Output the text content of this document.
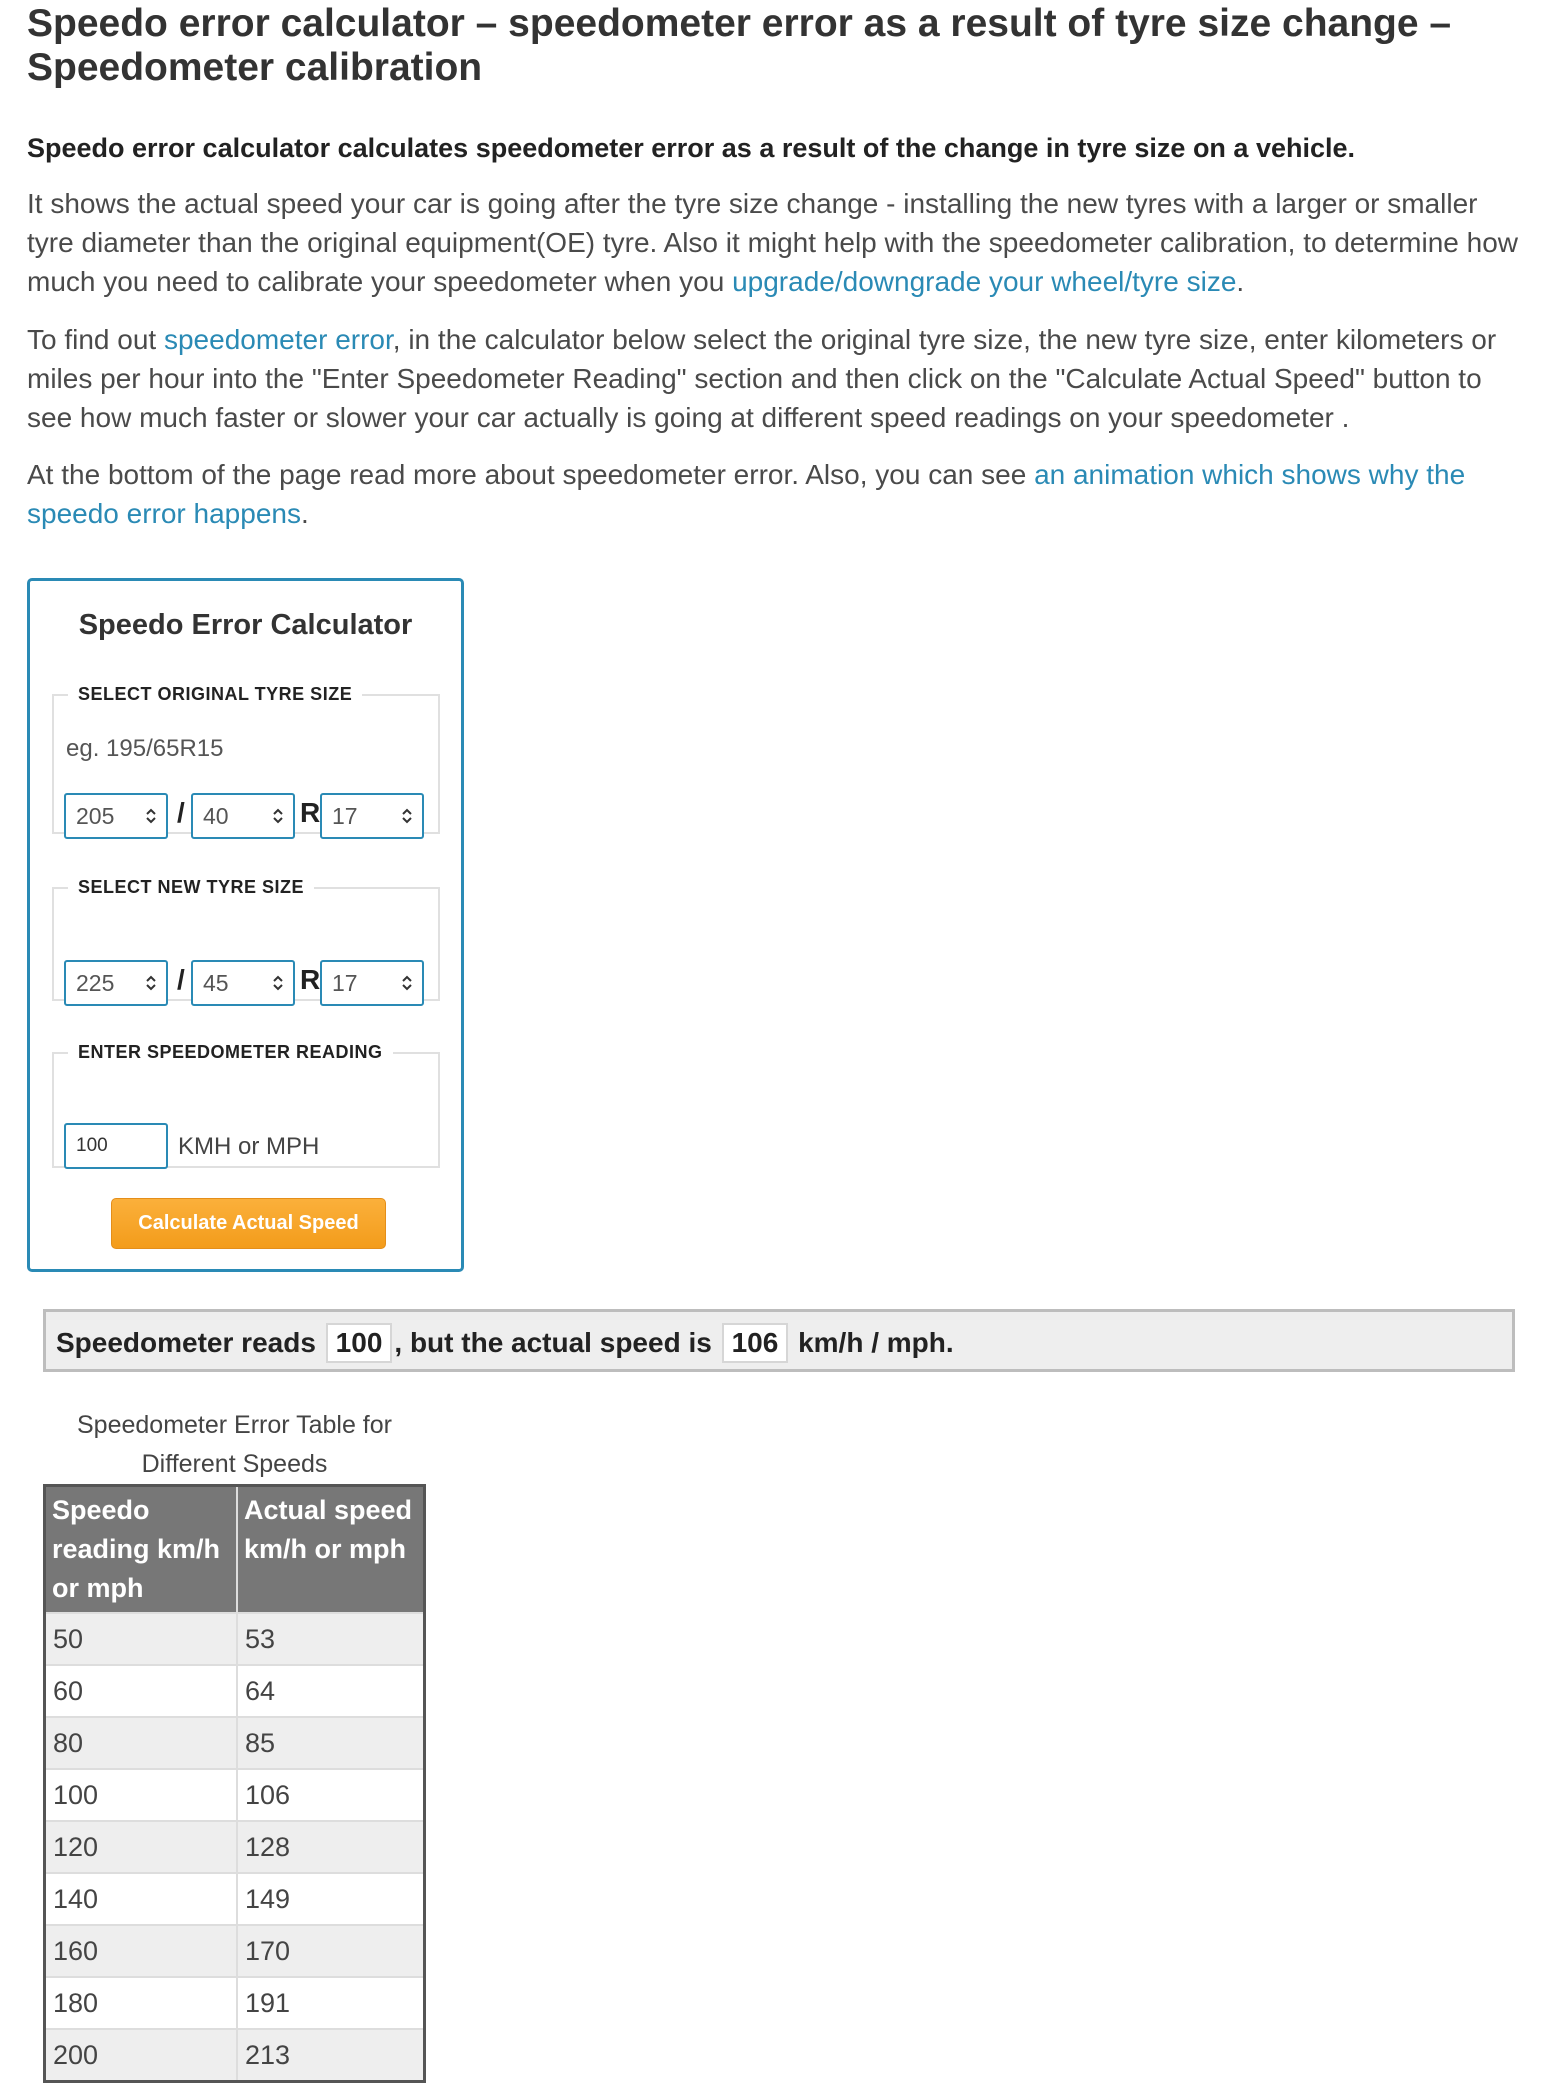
Speedo error calculator – speedometer error as a result of tyre size change – Speedometer calibration

Speedo error calculator calculates speedometer error as a result of the change in tyre size on a vehicle.

It shows the actual speed your car is going after the tyre size change - installing the new tyres with a larger or smaller tyre diameter than the original equipment(OE) tyre. Also it might help with the speedometer calibration, to determine how much you need to calibrate your speedometer when you upgrade/downgrade your wheel/tyre size.

To find out speedometer error, in the calculator below select the original tyre size, the new tyre size, enter kilometers or miles per hour into the "Enter Speedometer Reading" section and then click on the "Calculate Actual Speed" button to see how much faster or slower your car actually is going at different speed readings on your speedometer .

At the bottom of the page read more about speedometer error. Also, you can see an animation which shows why the speedo error happens.

Speedo Error Calculator
SELECT ORIGINAL TYRE SIZE
eg. 195/65R15
205 / 40	R 17
SELECT NEW TYRE SIZE
225 / 45	R 17
ENTER SPEEDOMETER READING
100
KMH or MPH
Calculate Actual Speed
Speedometer reads 100 , but the actual speed is 106 km/h / mph.
Speedometer Error Table for Different Speeds
Speedo reading km/h or mph	Actual speed km/h or mph
50	53
60	64
80	85
100	106
120	128
140	149
160	170
180	191
200	213
